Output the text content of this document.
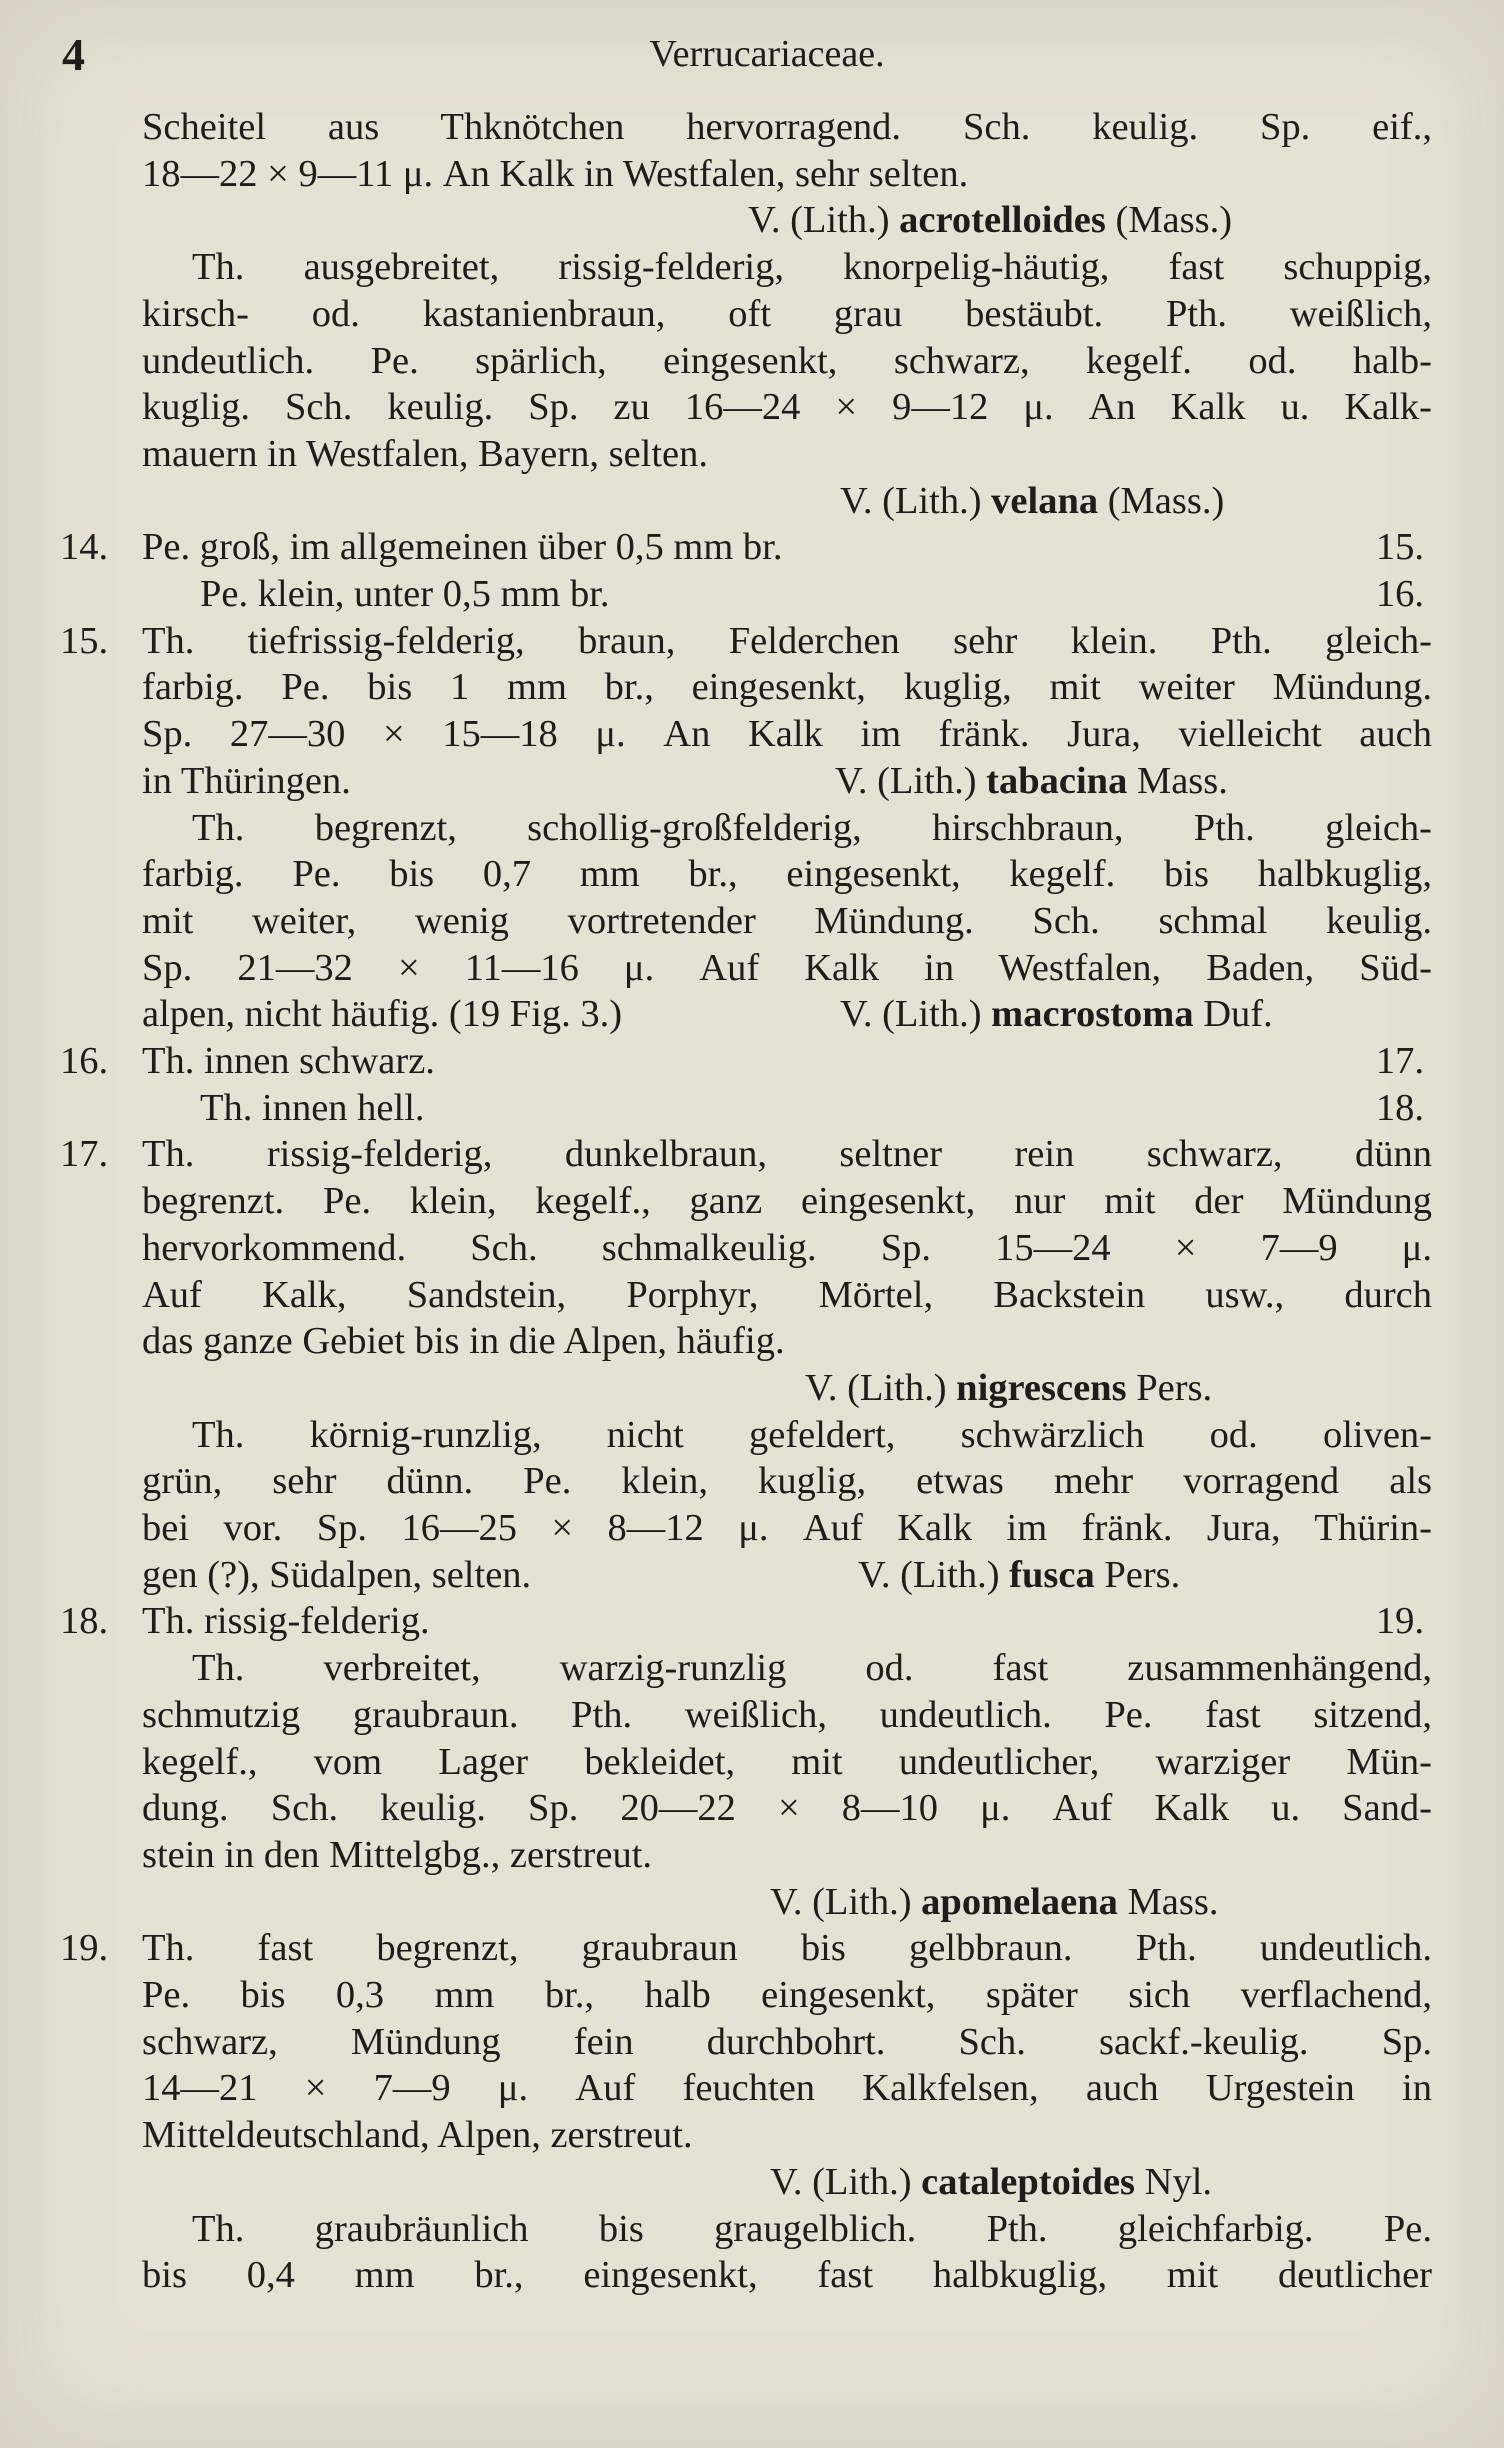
4	Verrucariaceae.
Scheitel aus Thknötchen hervorragend. Sch. keulig. Sp. eif.,
18—22 × 9—11 μ. An Kalk in Westfalen, sehr selten.
V. (Lith.) acrotelloides (Mass.)
Th. ausgebreitet, rissig-felderig, knorpelig-häutig, fast schuppig,
kirsch- od. kastanienbraun, oft grau bestäubt. Pth. weißlich,
undeutlich. Pe. spärlich, eingesenkt, schwarz, kegelf. od. halb-
kuglig. Sch. keulig. Sp. zu 16—24 × 9—12 μ. An Kalk u. Kalk-
mauern in Westfalen, Bayern, selten.
V. (Lith.) velana (Mass.)
14. Pe. groß, im allgemeinen über 0,5 mm br.	15.
Pe. klein, unter 0,5 mm br.	16.
15. Th. tiefrissig-felderig, braun, Felderchen sehr klein. Pth. gleich-
farbig. Pe. bis 1 mm br., eingesenkt, kuglig, mit weiter Mündung.
Sp. 27—30 × 15—18 μ. An Kalk im fränk. Jura, vielleicht auch
in Thüringen.	V. (Lith.) tabacina Mass.
Th. begrenzt, schollig-großfelderig, hirschbraun, Pth. gleich-
farbig. Pe. bis 0,7 mm br., eingesenkt, kegelf. bis halbkuglig,
mit weiter, wenig vortretender Mündung. Sch. schmal keulig.
Sp. 21—32 × 11—16 μ. Auf Kalk in Westfalen, Baden, Süd-
alpen, nicht häufig. (19 Fig. 3.)	V. (Lith.) macrostoma Duf.
16. Th. innen schwarz.	17.
Th. innen hell.	18.
17. Th. rissig-felderig, dunkelbraun, seltner rein schwarz, dünn
begrenzt. Pe. klein, kegelf., ganz eingesenkt, nur mit der Mündung
hervorkommend. Sch. schmalkeulig. Sp. 15—24 × 7—9 μ.
Auf Kalk, Sandstein, Porphyr, Mörtel, Backstein usw., durch
das ganze Gebiet bis in die Alpen, häufig.
V. (Lith.) nigrescens Pers.
Th. körnig-runzlig, nicht gefeldert, schwärzlich od. oliven-
grün, sehr dünn. Pe. klein, kuglig, etwas mehr vorragend als
bei vor. Sp. 16—25 × 8—12 μ. Auf Kalk im fränk. Jura, Thürin-
gen (?), Südalpen, selten.	V. (Lith.) fusca Pers.
18. Th. rissig-felderig.	19.
Th. verbreitet, warzig-runzlig od. fast zusammenhängend,
schmutzig graubraun. Pth. weißlich, undeutlich. Pe. fast sitzend,
kegelf., vom Lager bekleidet, mit undeutlicher, warziger Mün-
dung. Sch. keulig. Sp. 20—22 × 8—10 μ. Auf Kalk u. Sand-
stein in den Mittelgbg., zerstreut.
V. (Lith.) apomelaena Mass.
19. Th. fast begrenzt, graubraun bis gelbbraun. Pth. undeutlich.
Pe. bis 0,3 mm br., halb eingesenkt, später sich verflachend,
schwarz, Mündung fein durchbohrt. Sch. sackf.-keulig. Sp.
14—21 × 7—9 μ. Auf feuchten Kalkfelsen, auch Urgestein in
Mitteldeutschland, Alpen, zerstreut.
V. (Lith.) cataleptoides Nyl.
Th. graubräunlich bis graugelblich. Pth. gleichfarbig. Pe.
bis 0,4 mm br., eingesenkt, fast halbkuglig, mit deutlicher
